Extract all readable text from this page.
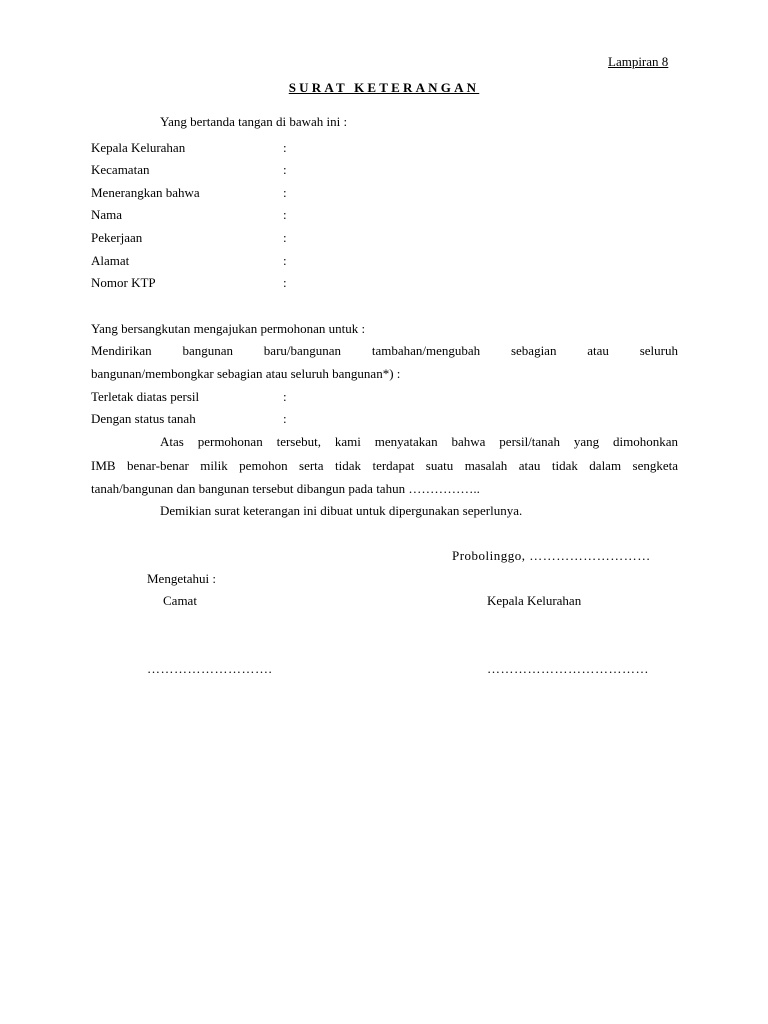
Lampiran 8
SURAT KETERANGAN
Yang bertanda tangan di bawah ini :
Kepala Kelurahan	:
Kecamatan	:
Menerangkan bahwa	:
Nama	:
Pekerjaan	:
Alamat	:
Nomor KTP	:
Yang bersangkutan mengajukan permohonan untuk :
Mendirikan bangunan baru/bangunan tambahan/mengubah sebagian atau seluruh
bangunan/membongkar sebagian atau seluruh bangunan*) :
Terletak diatas persil	:
Dengan status tanah	:
Atas permohonan tersebut, kami menyatakan bahwa persil/tanah yang dimohonkan
IMB benar-benar milik pemohon serta tidak terdapat suatu masalah atau tidak dalam sengketa
tanah/bangunan dan bangunan tersebut dibangun pada tahun ……………..
Demikian surat keterangan ini dibuat untuk dipergunakan seperlunya.
Probolinggo, ………………………
Mengetahui :
Camat	Kepala Kelurahan
……………………….	………………………………
